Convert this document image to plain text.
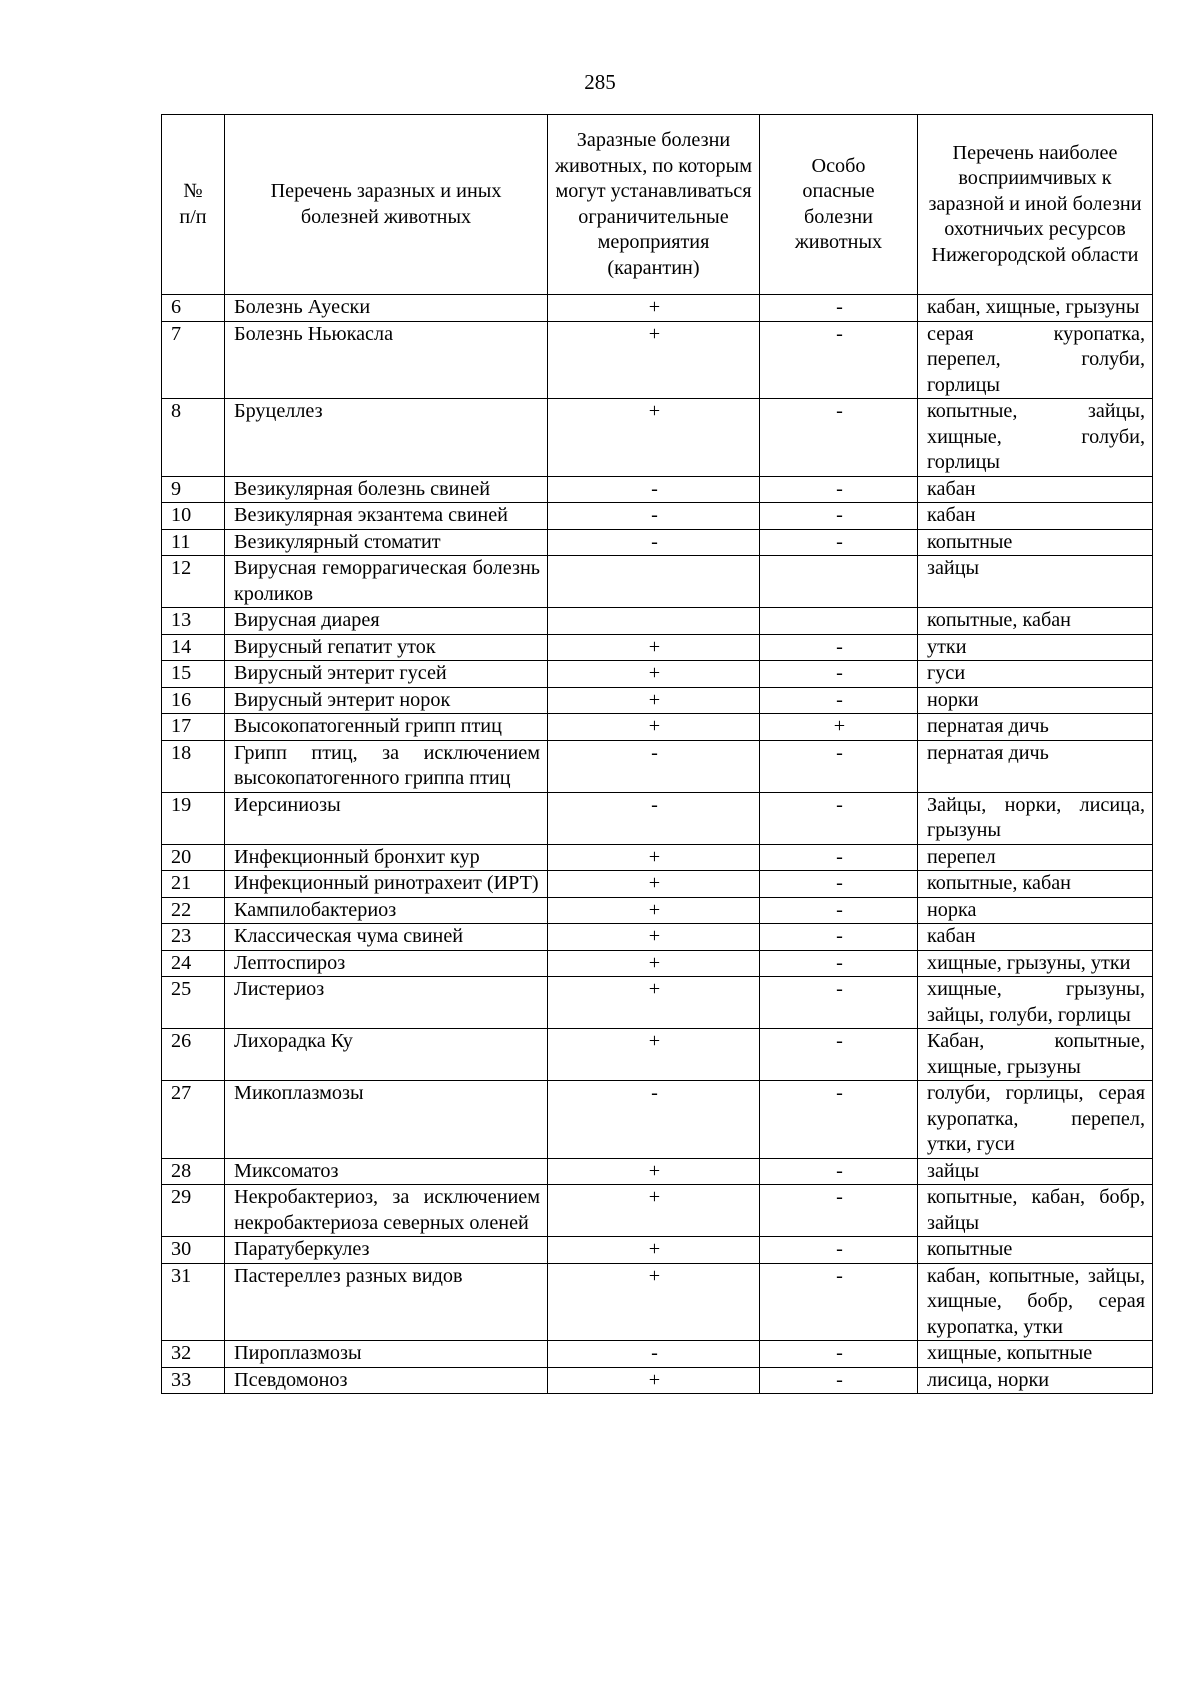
285
№
п/п	Перечень заразных и иных болезней животных	Заразные болезни животных, по которым могут устанавливаться ограничительные мероприятия (карантин)	Особо опасные болезни животных	Перечень наиболее восприимчивых к заразной и иной болезни охотничьих ресурсов Нижегородской области
6	Болезнь Ауески	+	-	кабан, хищные, грызуны
7	Болезнь Ньюкасла	+	-	серая куропатка, перепел, голуби, горлицы
8	Бруцеллез	+	-	копытные, зайцы, хищные, голуби, горлицы
9	Везикулярная болезнь свиней	-	-	кабан
10	Везикулярная экзантема свиней	-	-	кабан
11	Везикулярный стоматит	-	-	копытные
12	Вирусная геморрагическая болезнь кроликов			зайцы
13	Вирусная диарея			копытные, кабан
14	Вирусный гепатит уток	+	-	утки
15	Вирусный энтерит гусей	+	-	гуси
16	Вирусный энтерит норок	+	-	норки
17	Высокопатогенный грипп птиц	+	+	пернатая дичь
18	Грипп птиц, за исключением высокопатогенного гриппа птиц	-	-	пернатая дичь
19	Иерсиниозы	-	-	Зайцы, норки, лисица, грызуны
20	Инфекционный бронхит кур	+	-	перепел
21	Инфекционный ринотрахеит (ИРТ)	+	-	копытные, кабан
22	Кампилобактериоз	+	-	норка
23	Классическая чума свиней	+	-	кабан
24	Лептоспироз	+	-	хищные, грызуны, утки
25	Листериоз	+	-	хищные, грызуны, зайцы, голуби, горлицы
26	Лихорадка Ку	+	-	Кабан, копытные, хищные, грызуны
27	Микоплазмозы	-	-	голуби, горлицы, серая куропатка, перепел, утки, гуси
28	Миксоматоз	+	-	зайцы
29	Некробактериоз, за исключением некробактериоза северных оленей	+	-	копытные, кабан, бобр, зайцы
30	Паратуберкулез	+	-	копытные
31	Пастереллез разных видов	+	-	кабан, копытные, зайцы, хищные, бобр, серая куропатка, утки
32	Пироплазмозы	-	-	хищные, копытные
33	Псевдомоноз	+	-	лисица, норки
